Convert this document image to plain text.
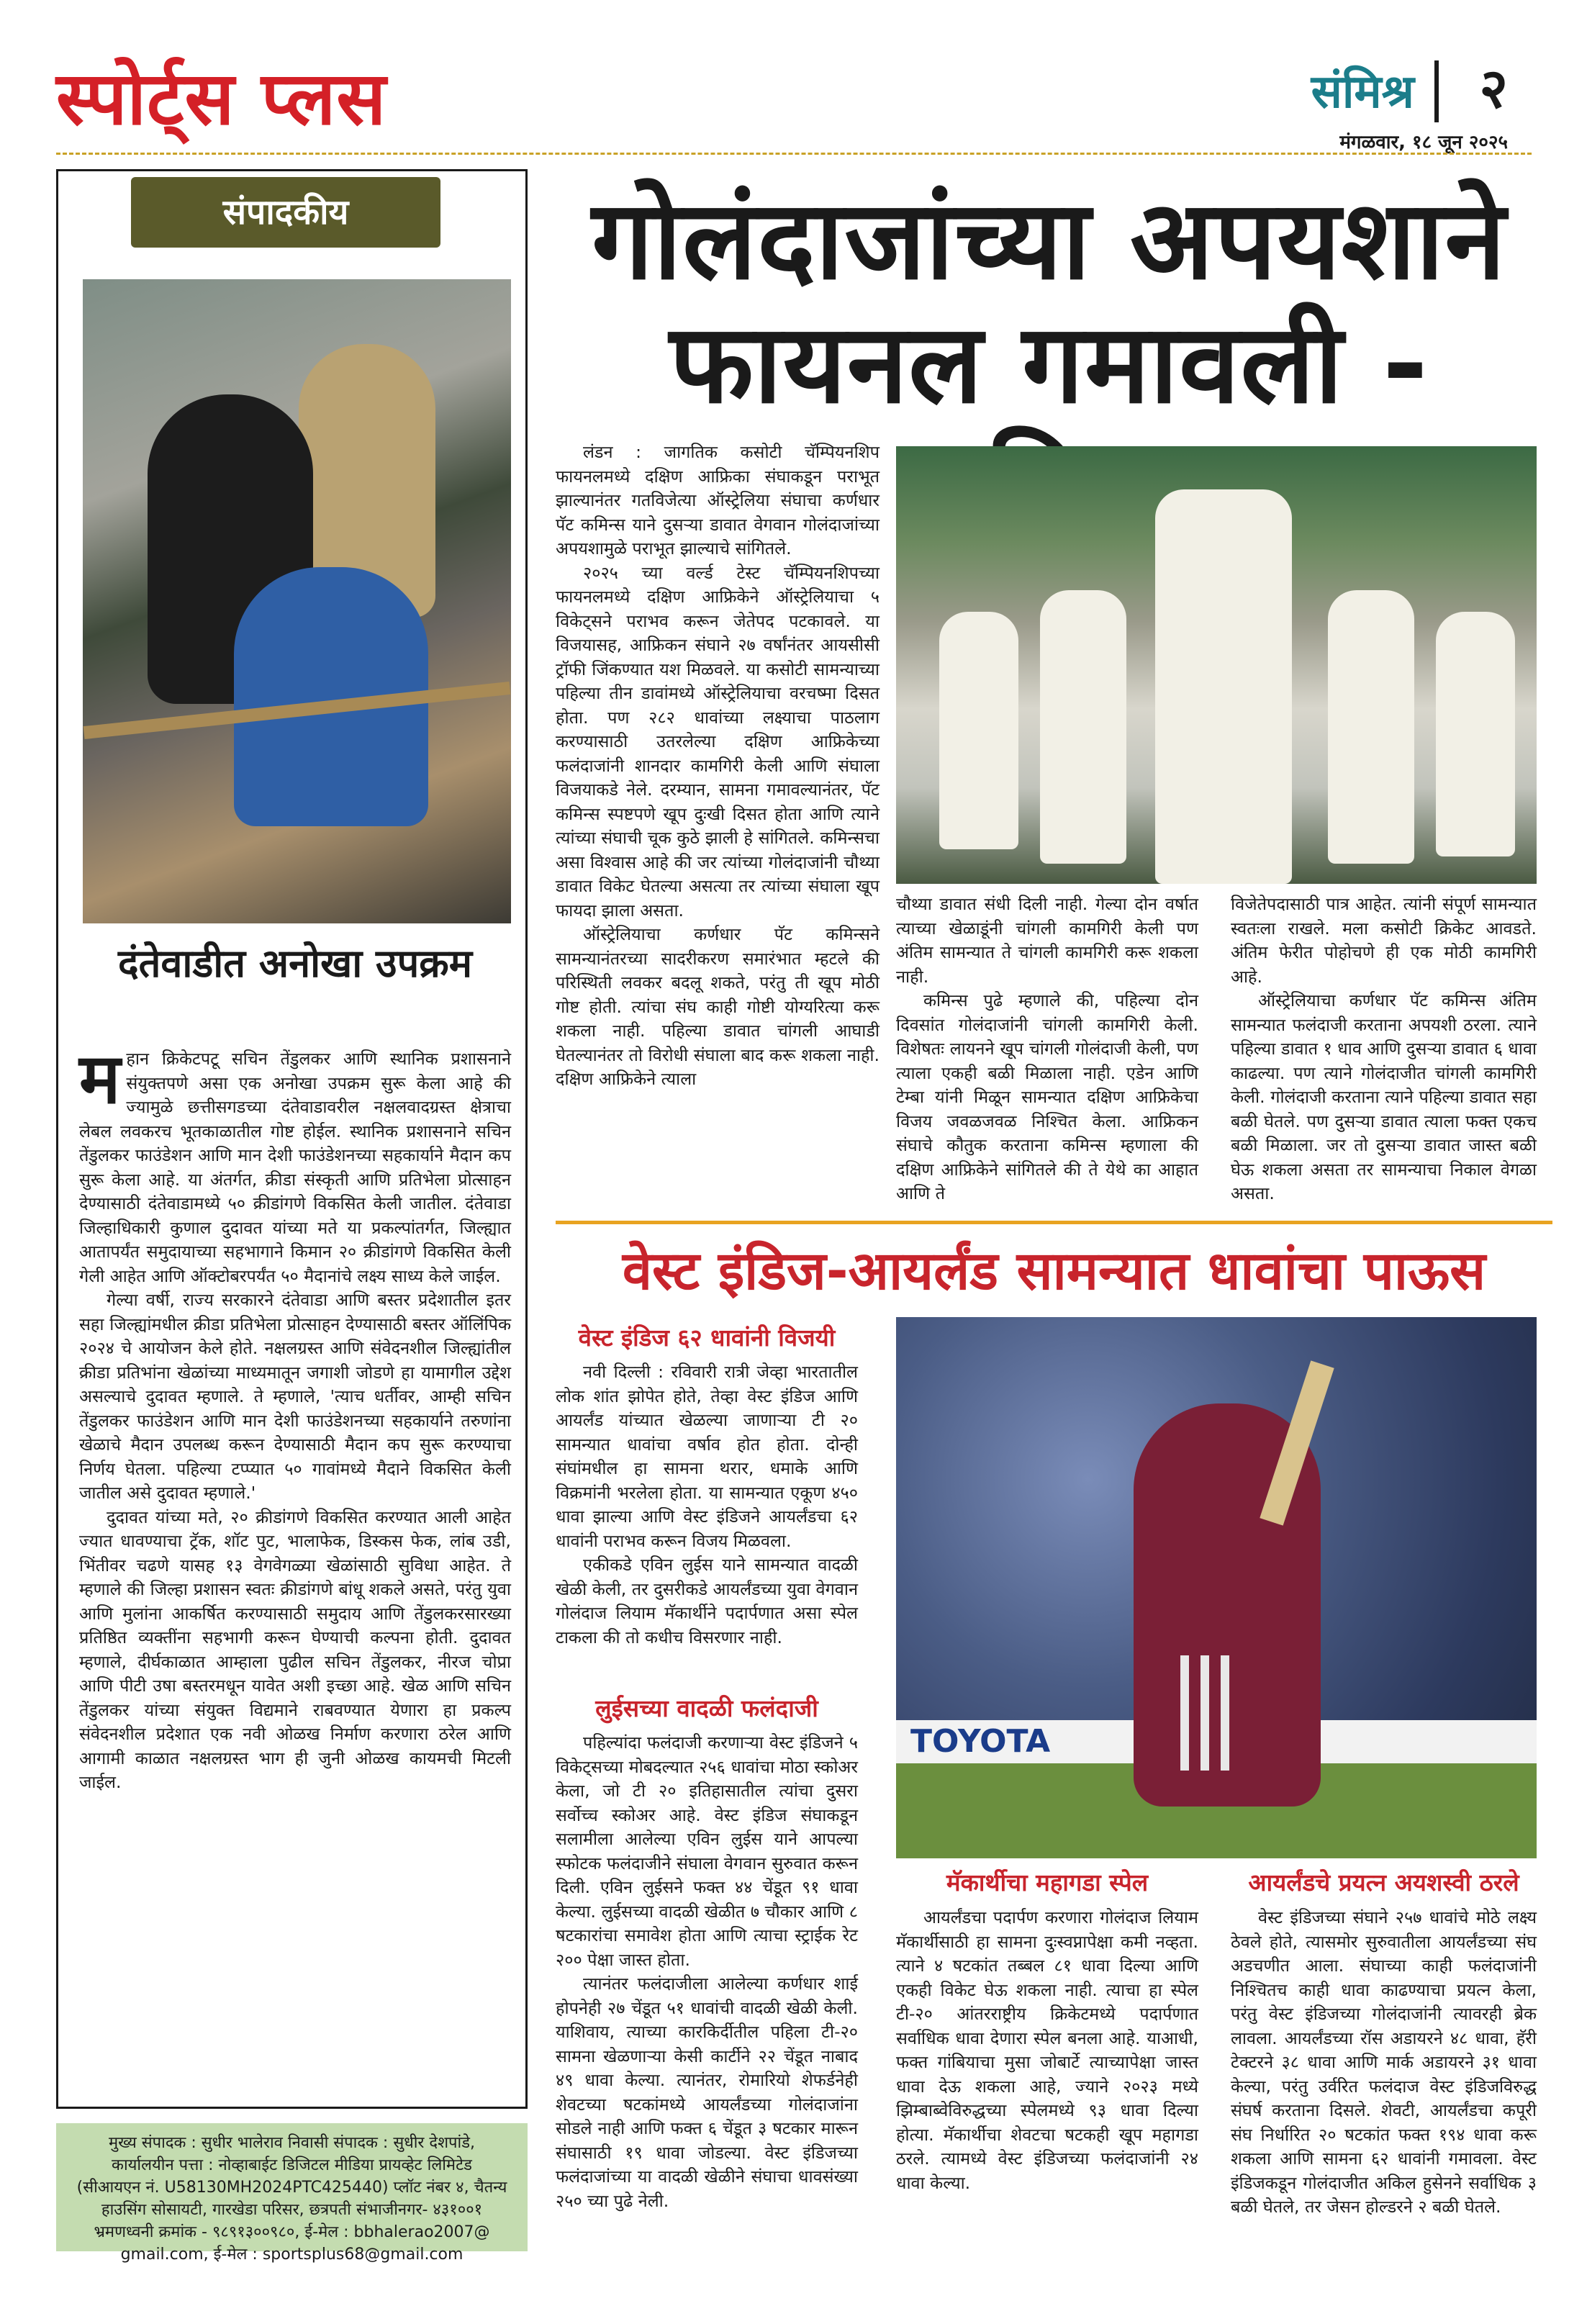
स्पोर्ट्स प्लस	संमिश्र २
मंगळवार, १८ जून २०२५
संपादकीय
दंतेवाडीत अनोखा उपक्रम

महान क्रिकेटपटू सचिन तेंडुलकर आणि स्थानिक प्रशासनाने संयुक्तपणे असा एक अनोखा उपक्रम सुरू केला आहे की ज्यामुळे छत्तीसगडच्या दंतेवाडावरील नक्षलवादग्रस्त क्षेत्राचा लेबल लवकरच भूतकाळातील गोष्ट होईल. स्थानिक प्रशासनाने सचिन तेंडुलकर फाउंडेशन आणि मान देशी फाउंडेशनच्या सहकार्याने मैदान कप सुरू केला आहे. या अंतर्गत, क्रीडा संस्कृती आणि प्रतिभेला प्रोत्साहन देण्यासाठी दंतेवाडामध्ये ५० क्रीडांगणे विकसित केली जातील. दंतेवाडा जिल्हाधिकारी कुणाल दुदावत यांच्या मते या प्रकल्पांतर्गत, जिल्ह्यात आतापर्यंत समुदायाच्या सहभागाने किमान २० क्रीडांगणे विकसित केली गेली आहेत आणि ऑक्टोबरपर्यंत ५० मैदानांचे लक्ष्य साध्य केले जाईल.

गेल्या वर्षी, राज्य सरकारने दंतेवाडा आणि बस्तर प्रदेशातील इतर सहा जिल्ह्यांमधील क्रीडा प्रतिभेला प्रोत्साहन देण्यासाठी बस्तर ऑलिंपिक २०२४ चे आयोजन केले होते. नक्षलग्रस्त आणि संवेदनशील जिल्ह्यांतील क्रीडा प्रतिभांना खेळांच्या माध्यमातून जगाशी जोडणे हा यामागील उद्देश असल्याचे दुदावत म्हणाले. ते म्हणाले, 'त्याच धर्तीवर, आम्ही सचिन तेंडुलकर फाउंडेशन आणि मान देशी फाउंडेशनच्या सहकार्याने तरुणांना खेळाचे मैदान उपलब्ध करून देण्यासाठी मैदान कप सुरू करण्याचा निर्णय घेतला. पहिल्या टप्प्यात ५० गावांमध्ये मैदाने विकसित केली जातील असे दुदावत म्हणाले.'

दुदावत यांच्या मते, २० क्रीडांगणे विकसित करण्यात आली आहेत ज्यात धावण्याचा ट्रॅक, शॉट पुट, भालाफेक, डिस्कस फेक, लांब उडी, भिंतीवर चढणे यासह १३ वेगवेगळ्या खेळांसाठी सुविधा आहेत. ते म्हणाले की जिल्हा प्रशासन स्वतः क्रीडांगणे बांधू शकले असते, परंतु युवा आणि मुलांना आकर्षित करण्यासाठी समुदाय आणि तेंडुलकरसारख्या प्रतिष्ठित व्यक्तींना सहभागी करून घेण्याची कल्पना होती. दुदावत म्हणाले, दीर्घकाळात आम्हाला पुढील सचिन तेंडुलकर, नीरज चोप्रा आणि पीटी उषा बस्तरमधून यावेत अशी इच्छा आहे. खेळ आणि सचिन तेंडुलकर यांच्या संयुक्त विद्यमाने राबवण्यात येणारा हा प्रकल्प संवेदनशील प्रदेशात एक नवी ओळख निर्माण करणारा ठरेल आणि आगामी काळात नक्षलग्रस्त भाग ही जुनी ओळख कायमची मिटली जाईल.

मुख्य संपादक : सुधीर भालेराव निवासी संपादक : सुधीर देशपांडे,
कार्यालयीन पत्ता : नोव्हाबाईट डिजिटल मीडिया प्रायव्हेट लिमिटेड
(सीआयएन नं. U58130MH2024PTC425440) प्लॉट नंबर ४, चैतन्य
हाउसिंग सोसायटी, गारखेडा परिसर, छत्रपती संभाजीनगर- ४३१००१
भ्रमणध्वनी क्रमांक - ९८९१३००९८०, ई-मेल : bbhalerao2007@
gmail.com, ई-मेल : sportsplus68@gmail.com
गोलंदाजांच्या अपयशाने
फायनल गमावली -

लंडन : जागतिक कसोटी चॅम्पियनशिप फायनलमध्ये दक्षिण आफ्रिका संघाकडून पराभूत झाल्यानंतर गतविजेत्या ऑस्ट्रेलिया संघाचा कर्णधार पॅट कमिन्स याने दुसऱ्या डावात वेगवान गोलंदाजांच्या अपयशामुळे पराभूत झाल्याचे सांगितले.

२०२५ च्या वर्ल्ड टेस्ट चॅम्पियनशिपच्या फायनलमध्ये दक्षिण आफ्रिकेने ऑस्ट्रेलियाचा ५ विकेट्सने पराभव करून जेतेपद पटकावले. या विजयासह, आफ्रिकन संघाने २७ वर्षांनंतर आयसीसी ट्रॉफी जिंकण्यात यश मिळवले. या कसोटी सामन्याच्या पहिल्या तीन डावांमध्ये ऑस्ट्रेलियाचा वरचष्मा दिसत होता. पण २८२ धावांच्या लक्ष्याचा पाठलाग करण्यासाठी उतरलेल्या दक्षिण आफ्रिकेच्या फलंदाजांनी शानदार कामगिरी केली आणि संघाला विजयाकडे नेले. दरम्यान, सामना गमावल्यानंतर, पॅट कमिन्स स्पष्टपणे खूप दुःखी दिसत होता आणि त्याने त्यांच्या संघाची चूक कुठे झाली हे सांगितले. कमिन्सचा असा विश्वास आहे की जर त्यांच्या गोलंदाजांनी चौथ्या डावात विकेट घेतल्या असत्या तर त्यांच्या संघाला खूप फायदा झाला असता.

ऑस्ट्रेलियाचा कर्णधार पॅट कमिन्सने सामन्यानंतरच्या सादरीकरण समारंभात म्हटले की परिस्थिती लवकर बदलू शकते, परंतु ती खूप मोठी गोष्ट होती. त्यांचा संघ काही गोष्टी योग्यरित्या करू शकला नाही. पहिल्या डावात चांगली आघाडी घेतल्यानंतर तो विरोधी संघाला बाद करू शकला नाही. दक्षिण आफ्रिकेने त्याला

चौथ्या डावात संधी दिली नाही. गेल्या दोन वर्षात त्याच्या खेळाडूंनी चांगली कामगिरी केली पण अंतिम सामन्यात ते चांगली कामगिरी करू शकला नाही.

कमिन्स पुढे म्हणाले की, पहिल्या दोन दिवसांत गोलंदाजांनी चांगली कामगिरी केली. विशेषतः लायनने खूप चांगली गोलंदाजी केली, पण त्याला एकही बळी मिळाला नाही. एडेन आणि टेम्बा यांनी मिळून सामन्यात दक्षिण आफ्रिकेचा विजय जवळजवळ निश्चित केला. आफ्रिकन संघाचे कौतुक करताना कमिन्स म्हणाला की दक्षिण आफ्रिकेने सांगितले की ते येथे का आहात आणि ते

विजेतेपदासाठी पात्र आहेत. त्यांनी संपूर्ण सामन्यात स्वतःला राखले. मला कसोटी क्रिकेट आवडते. अंतिम फेरीत पोहोचणे ही एक मोठी कामगिरी आहे.

ऑस्ट्रेलियाचा कर्णधार पॅट कमिन्स अंतिम सामन्यात फलंदाजी करताना अपयशी ठरला. त्याने पहिल्या डावात १ धाव आणि दुसऱ्या डावात ६ धावा काढल्या. पण त्याने गोलंदाजीत चांगली कामगिरी केली. गोलंदाजी करताना त्याने पहिल्या डावात सहा बळी घेतले. पण दुसऱ्या डावात त्याला फक्त एकच बळी मिळाला. जर तो दुसऱ्या डावात जास्त बळी घेऊ शकला असता तर सामन्याचा निकाल वेगळा असता.

वेस्ट इंडिज-आयर्लंड सामन्यात धावांचा पाऊस
वेस्ट इंडिज ६२ धावांनी विजयी

नवी दिल्ली : रविवारी रात्री जेव्हा भारतातील लोक शांत झोपेत होते, तेव्हा वेस्ट इंडिज आणि आयर्लंड यांच्यात खेळल्या जाणाऱ्या टी २० सामन्यात धावांचा वर्षाव होत होता. दोन्ही संघांमधील हा सामना थरार, धमाके आणि विक्रमांनी भरलेला होता. या सामन्यात एकूण ४५० धावा झाल्या आणि वेस्ट इंडिजने आयर्लंडचा ६२ धावांनी पराभव करून विजय मिळवला.

एकीकडे एविन लुईस याने सामन्यात वादळी खेळी केली, तर दुसरीकडे आयर्लंडच्या युवा वेगवान गोलंदाज लियाम मॅकार्थीने पदार्पणात असा स्पेल टाकला की तो कधीच विसरणार नाही.

लुईसच्या वादळी फलंदाजी

पहिल्यांदा फलंदाजी करणाऱ्या वेस्ट इंडिजने ५ विकेट्सच्या मोबदल्यात २५६ धावांचा मोठा स्कोअर केला, जो टी २० इतिहासातील त्यांचा दुसरा सर्वोच्च स्कोअर आहे. वेस्ट इंडिज संघाकडून सलामीला आलेल्या एविन लुईस याने आपल्या स्फोटक फलंदाजीने संघाला वेगवान सुरुवात करून दिली. एविन लुईसने फक्त ४४ चेंडूत ९१ धावा केल्या. लुईसच्या वादळी खेळीत ७ चौकार आणि ८ षटकारांचा समावेश होता आणि त्याचा स्ट्राईक रेट २०० पेक्षा जास्त होता.

त्यानंतर फलंदाजीला आलेल्या कर्णधार शाई होपनेही २७ चेंडूत ५१ धावांची वादळी खेळी केली. याशिवाय, त्याच्या कारकिर्दीतील पहिला टी-२० सामना खेळणाऱ्या केसी कार्टीने २२ चेंडूत नाबाद ४९ धावा केल्या. त्यानंतर, रोमारियो शेफर्डनेही शेवटच्या षटकांमध्ये आयर्लंडच्या गोलंदाजांना सोडले नाही आणि फक्त ६ चेंडूत ३ षटकार मारून संघासाठी १९ धावा जोडल्या. वेस्ट इंडिजच्या फलंदाजांच्या या वादळी खेळीने संघाचा धावसंख्या २५० च्या पुढे नेली.

TOYOTA
मॅकार्थीचा महागडा स्पेल	आयर्लंडचे प्रयत्न अयशस्वी ठरले

आयर्लंडचा पदार्पण करणारा गोलंदाज लियाम मॅकार्थीसाठी हा सामना दुःस्वप्नापेक्षा कमी नव्हता. त्याने ४ षटकांत तब्बल ८१ धावा दिल्या आणि एकही विकेट घेऊ शकला नाही. त्याचा हा स्पेल टी-२० आंतरराष्ट्रीय क्रिकेटमध्ये पदार्पणात सर्वाधिक धावा देणारा स्पेल बनला आहे. याआधी, फक्त गांबियाचा मुसा जोबार्टे त्याच्यापेक्षा जास्त धावा देऊ शकला आहे, ज्याने २०२३ मध्ये झिम्बाब्वेविरुद्धच्या स्पेलमध्ये ९३ धावा दिल्या होत्या. मॅकार्थीचा शेवटचा षटकही खूप महागडा ठरले. त्यामध्ये वेस्ट इंडिजच्या फलंदाजांनी २४ धावा केल्या.

वेस्ट इंडिजच्या संघाने २५७ धावांचे मोठे लक्ष्य ठेवले होते, त्यासमोर सुरुवातीला आयर्लंडच्या संघ अडचणीत आला. संघाच्या काही फलंदाजांनी निश्चितच काही धावा काढण्याचा प्रयत्न केला, परंतु वेस्ट इंडिजच्या गोलंदाजांनी त्यावरही ब्रेक लावला. आयर्लंडच्या रॉस अडायरने ४८ धावा, हॅरी टेक्टरने ३८ धावा आणि मार्क अडायरने ३१ धावा केल्या, परंतु उर्वरित फलंदाज वेस्ट इंडिजविरुद्ध संघर्ष करताना दिसले. शेवटी, आयर्लंडचा कपूरी संघ निर्धारित २० षटकांत फक्त १९४ धावा करू शकला आणि सामना ६२ धावांनी गमावला. वेस्ट इंडिजकडून गोलंदाजीत अकिल हुसेनने सर्वाधिक ३ बळी घेतले, तर जेसन होल्डरने २ बळी घेतले.
